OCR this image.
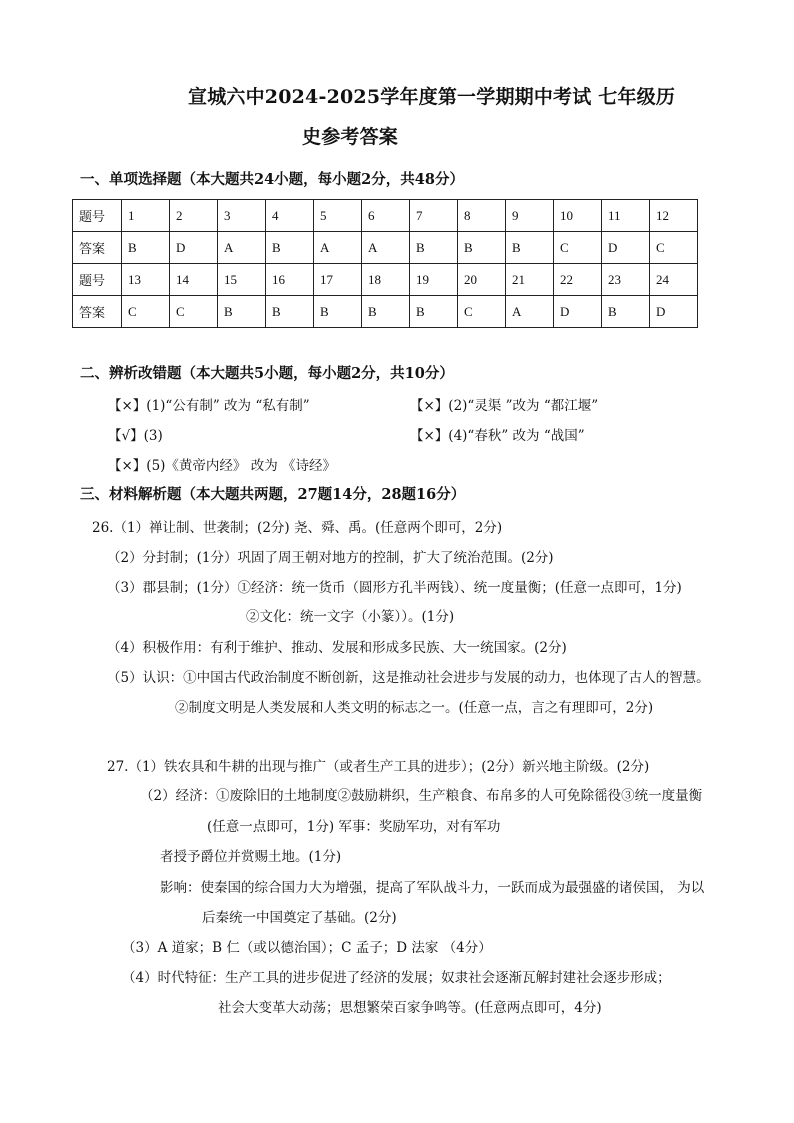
宣城六中2024-2025学年度第一学期期中考试 七年级历
史参考答案
一、单项选择题（本大题共24小题，每小题2分，共48分）
题号	1	2	3	4	5	6	7	8	9	10	11	12
答案	B	D	A	B	A	A	B	B	B	C	D	C
题号	13	14	15	16	17	18	19	20	21	22	23	24
答案	C	C	B	B	B	B	B	C	A	D	B	D
二、辨析改错题（本大题共5小题，每小题2分，共10分）
【×】(1)“公有制” 改为 “私有制”	【×】(2)“灵渠 ”改为 “都江堰”
【√】(3)	【×】(4)“春秋” 改为 “战国”
【×】(5)《黄帝内经》 改为 《诗经》
三、材料解析题（本大题共两题，27题14分，28题16分）
26.（1）禅让制、世袭制；(2分) 尧、舜、禹。(任意两个即可，2分)
（2）分封制；(1分）巩固了周王朝对地方的控制，扩大了统治范围。(2分)
（3）郡县制；(1分）①经济：统一货币（圆形方孔半两钱）、统一度量衡；(任意一点即可，1分)
②文化：统一文字（小篆））。(1分)
（4）积极作用：有利于维护、推动、发展和形成多民族、大一统国家。(2分)
（5）认识：①中国古代政治制度不断创新，这是推动社会进步与发展的动力，也体现了古人的智慧。
②制度文明是人类发展和人类文明的标志之一。(任意一点，言之有理即可，2分)
27.（1）铁农具和牛耕的出现与推广（或者生产工具的进步）；(2分）新兴地主阶级。(2分)
（2）经济：①废除旧的土地制度②鼓励耕织，生产粮食、布帛多的人可免除徭役③统一度量衡
(任意一点即可，1分) 军事：奖励军功，对有军功
者授予爵位并赏赐土地。(1分)
影响：使秦国的综合国力大为增强，提高了军队战斗力，一跃而成为最强盛的诸侯国， 为以
后秦统一中国奠定了基础。(2分)
（3）A 道家；B 仁（或以德治国）；C 孟子；D 法家 （4分）
（4）时代特征：生产工具的进步促进了经济的发展；奴隶社会逐渐瓦解封建社会逐步形成；
社会大变革大动荡；思想繁荣百家争鸣等。(任意两点即可，4分)
